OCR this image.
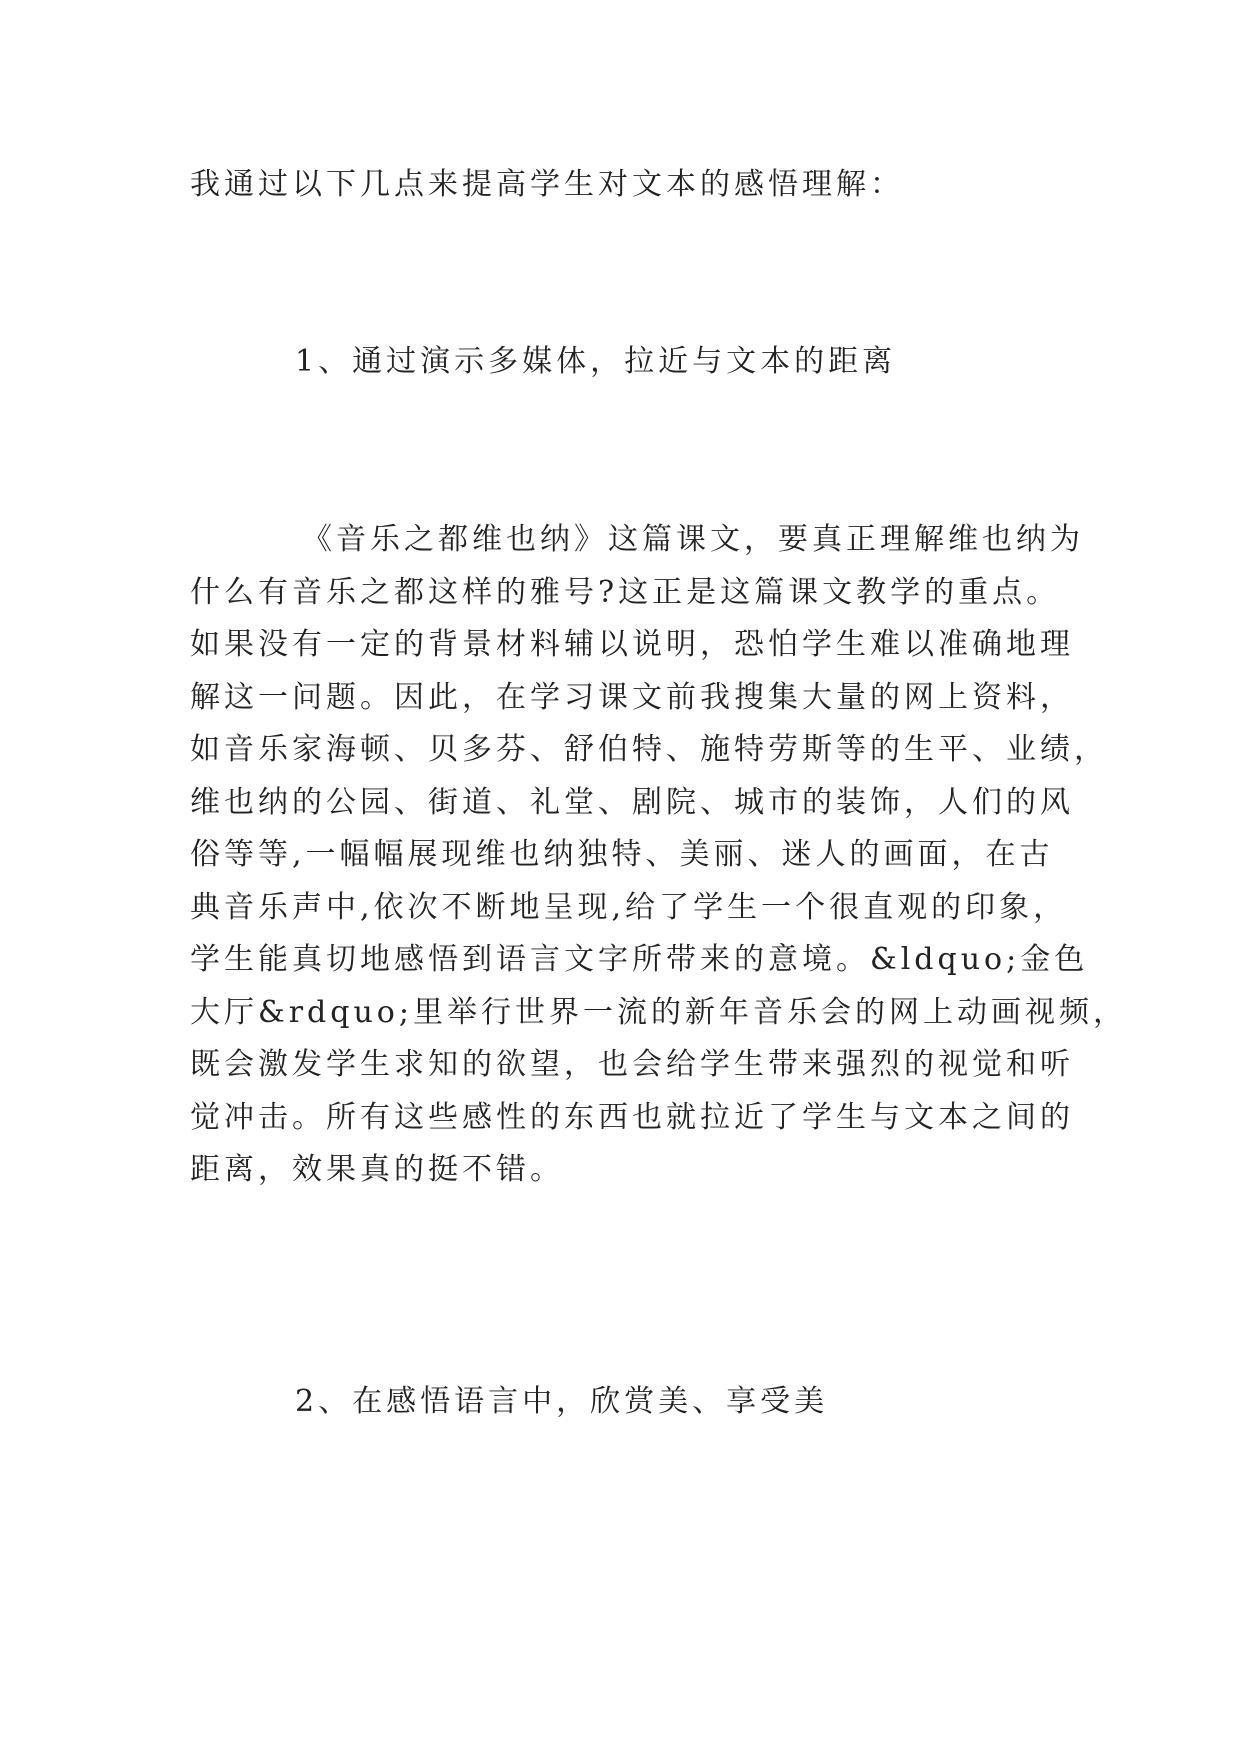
我通过以下几点来提高学生对文本的感悟理解：

1、通过演示多媒体，拉近与文本的距离

《音乐之都维也纳》这篇课文，要真正理解维也纳为
什么有音乐之都这样的雅号?这正是这篇课文教学的重点。
如果没有一定的背景材料辅以说明，恐怕学生难以准确地理
解这一问题。因此，在学习课文前我搜集大量的网上资料，
如音乐家海顿、贝多芬、舒伯特、施特劳斯等的生平、业绩，
维也纳的公园、街道、礼堂、剧院、城市的装饰，人们的风
俗等等,一幅幅展现维也纳独特、美丽、迷人的画面，在古
典音乐声中,依次不断地呈现,给了学生一个很直观的印象，
学生能真切地感悟到语言文字所带来的意境。&ldquo;金色
大厅&rdquo;里举行世界一流的新年音乐会的网上动画视频，
既会激发学生求知的欲望，也会给学生带来强烈的视觉和听
觉冲击。所有这些感性的东西也就拉近了学生与文本之间的
距离，效果真的挺不错。

2、在感悟语言中，欣赏美、享受美
